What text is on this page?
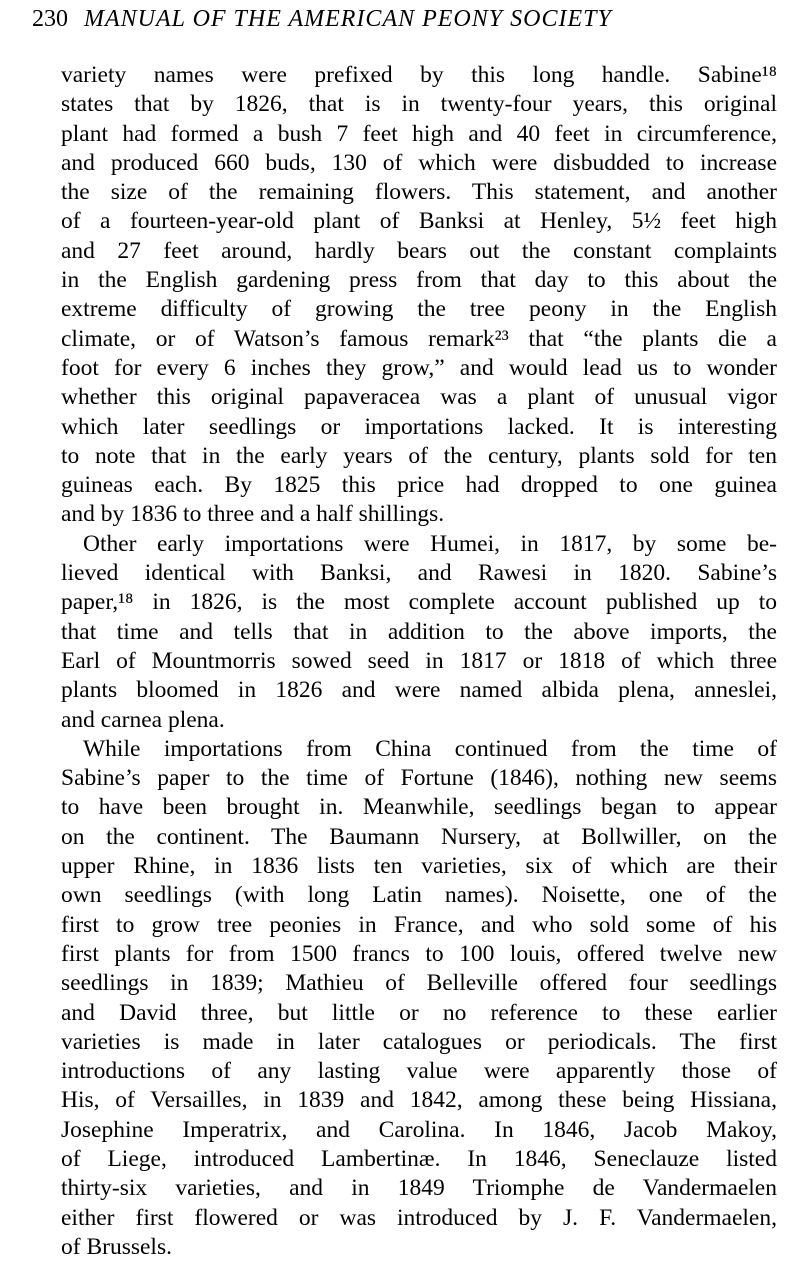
230 MANUAL OF THE AMERICAN PEONY SOCIETY
variety names were prefixed by this long handle. Sabine¹⁸
states that by 1826, that is in twenty-four years, this original
plant had formed a bush 7 feet high and 40 feet in circumference,
and produced 660 buds, 130 of which were disbudded to increase
the size of the remaining flowers. This statement, and another
of a fourteen-year-old plant of Banksi at Henley, 5½ feet high
and 27 feet around, hardly bears out the constant complaints
in the English gardening press from that day to this about the
extreme difficulty of growing the tree peony in the English
climate, or of Watson’s famous remark²³ that “the plants die a
foot for every 6 inches they grow,” and would lead us to wonder
whether this original papaveracea was a plant of unusual vigor
which later seedlings or importations lacked. It is interesting
to note that in the early years of the century, plants sold for ten
guineas each. By 1825 this price had dropped to one guinea
and by 1836 to three and a half shillings.
Other early importations were Humei, in 1817, by some be-
lieved identical with Banksi, and Rawesi in 1820. Sabine’s
paper,¹⁸ in 1826, is the most complete account published up to
that time and tells that in addition to the above imports, the
Earl of Mountmorris sowed seed in 1817 or 1818 of which three
plants bloomed in 1826 and were named albida plena, anneslei,
and carnea plena.
While importations from China continued from the time of
Sabine’s paper to the time of Fortune (1846), nothing new seems
to have been brought in. Meanwhile, seedlings began to appear
on the continent. The Baumann Nursery, at Bollwiller, on the
upper Rhine, in 1836 lists ten varieties, six of which are their
own seedlings (with long Latin names). Noisette, one of the
first to grow tree peonies in France, and who sold some of his
first plants for from 1500 francs to 100 louis, offered twelve new
seedlings in 1839; Mathieu of Belleville offered four seedlings
and David three, but little or no reference to these earlier
varieties is made in later catalogues or periodicals. The first
introductions of any lasting value were apparently those of
His, of Versailles, in 1839 and 1842, among these being Hissiana,
Josephine Imperatrix, and Carolina. In 1846, Jacob Makoy,
of Liege, introduced Lambertinæ. In 1846, Seneclauze listed
thirty-six varieties, and in 1849 Triomphe de Vandermaelen
either first flowered or was introduced by J. F. Vandermaelen,
of Brussels.
